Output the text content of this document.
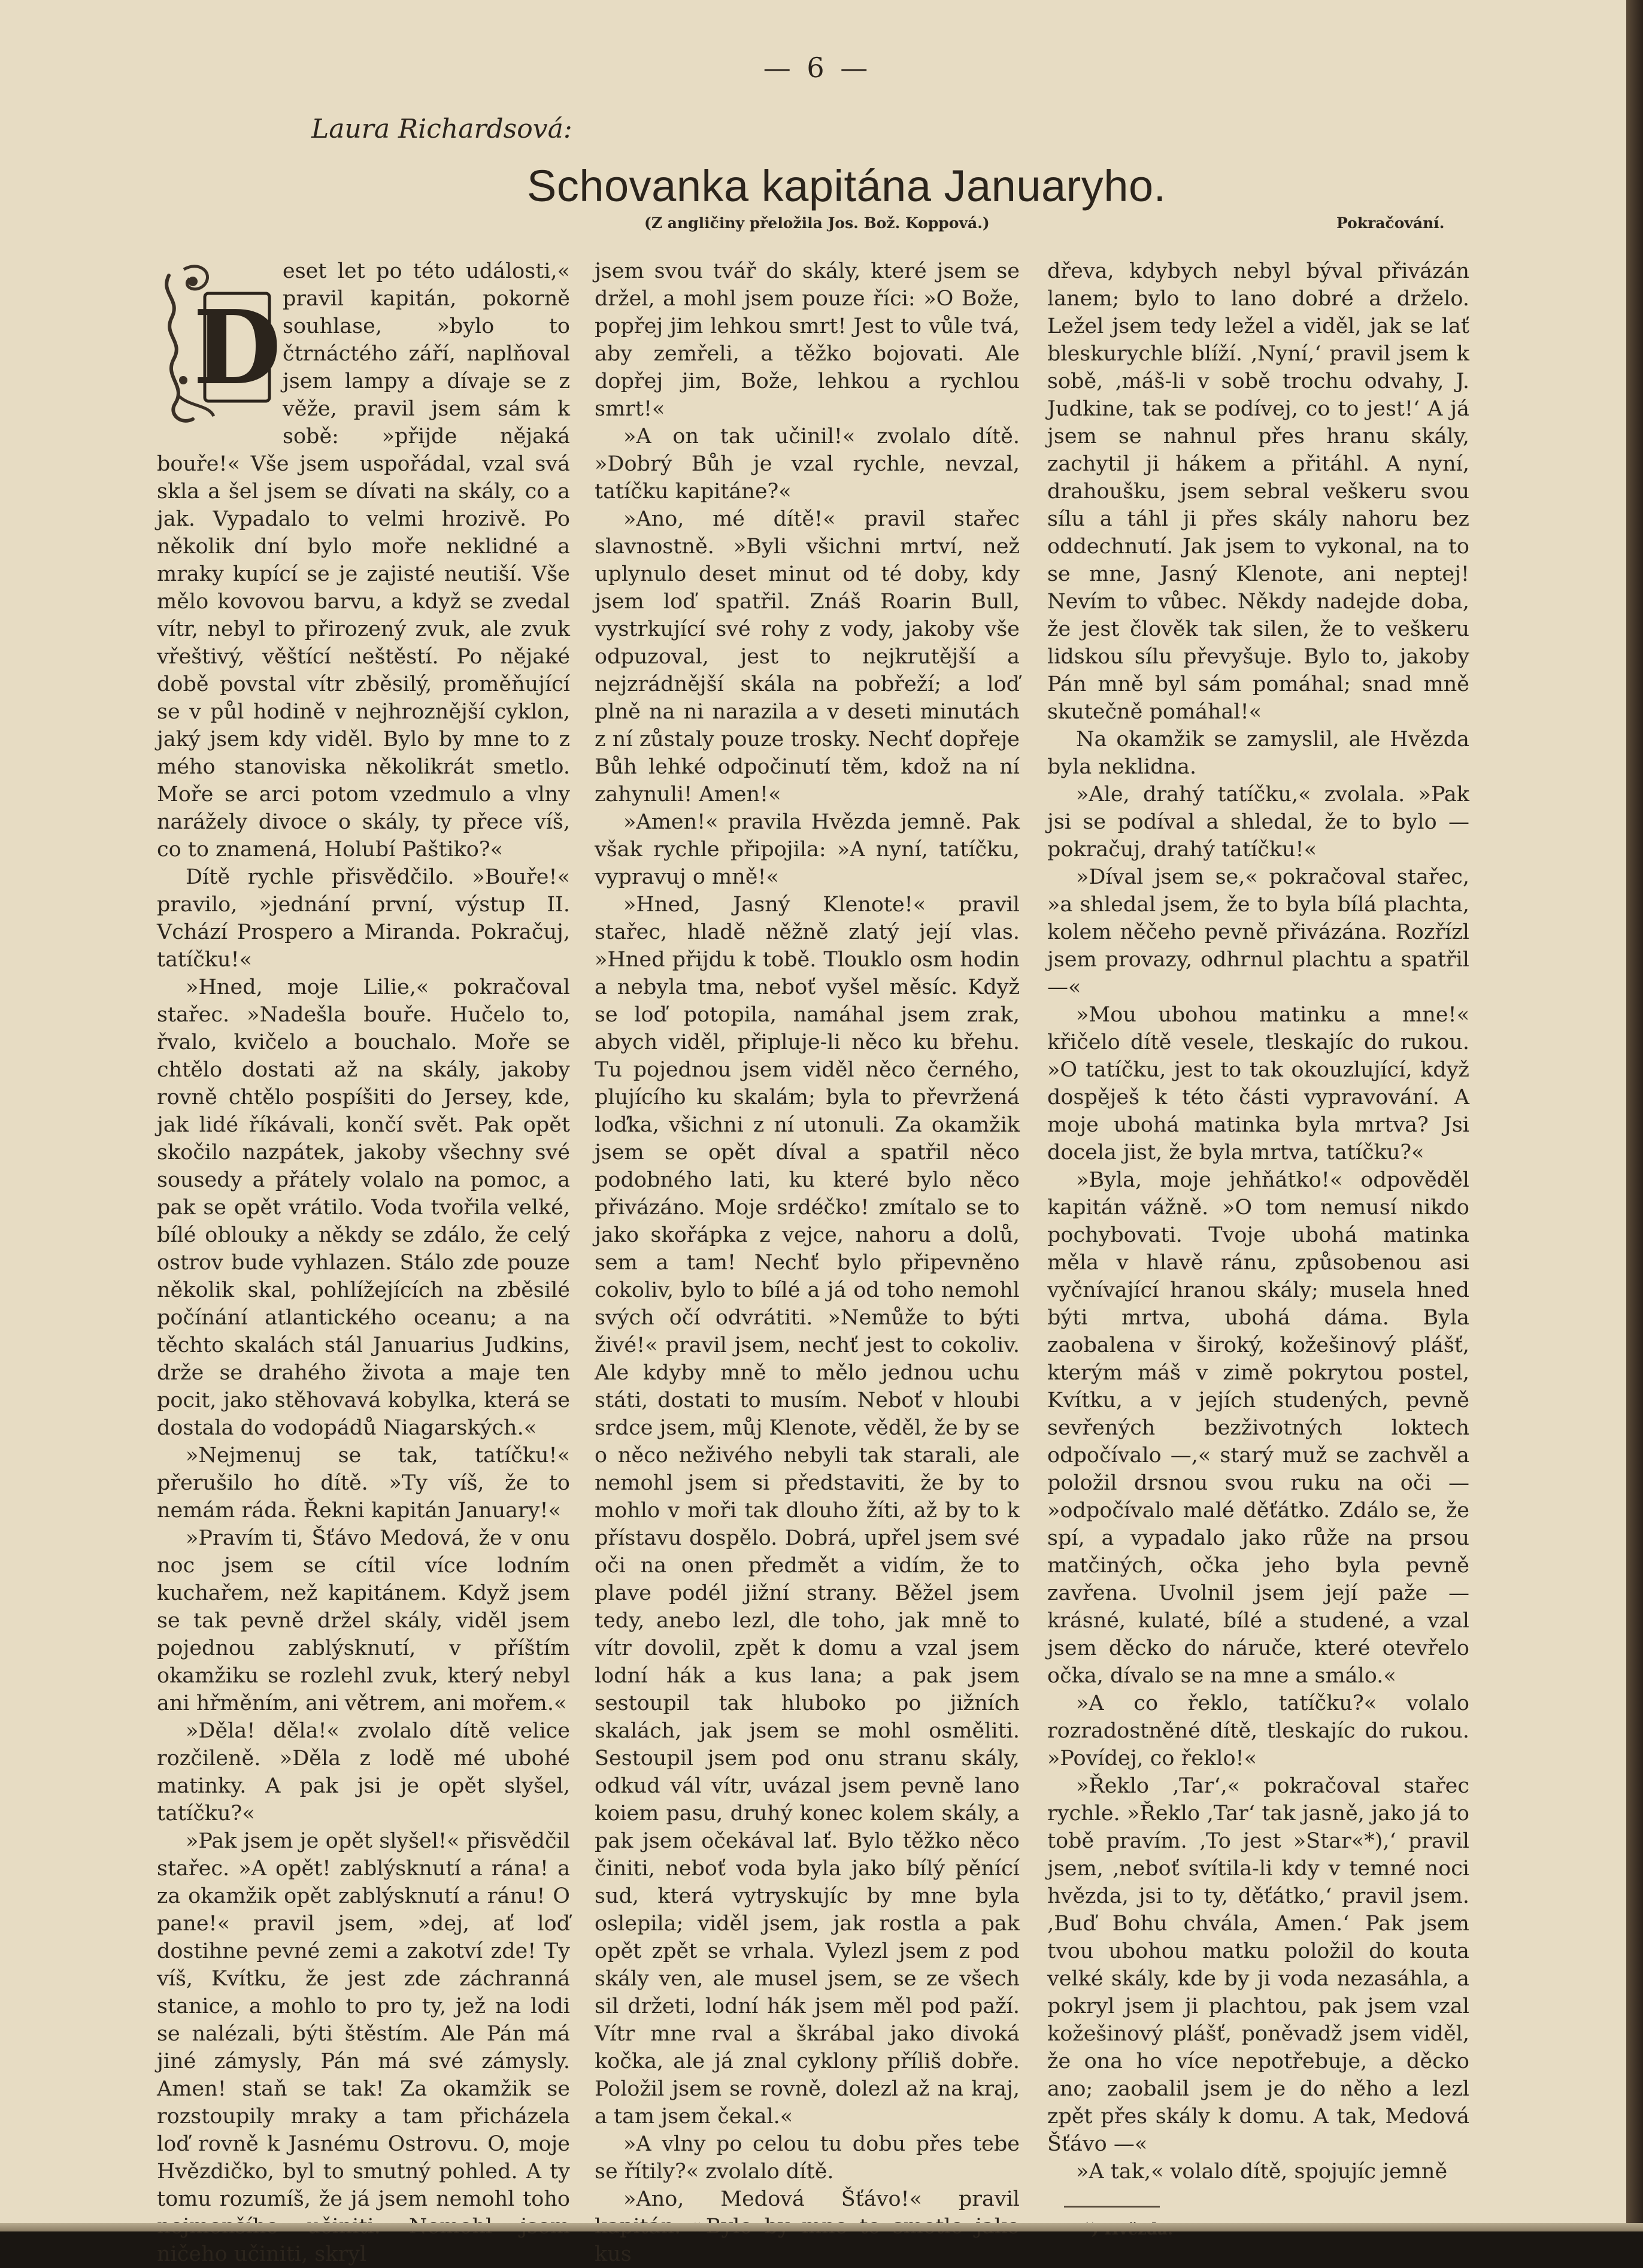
— 6 —
Laura Richardsová:
Schovanka kapitána Januaryho.
(Z angličiny přeložila Jos. Bož. Koppová.)	Pokračování.
D

eset let po této události,« pravil kapitán, pokorně souhlase, »bylo to čtrnáctého září, naplňoval jsem lampy a dívaje se z věže, pravil jsem sám k sobě: »přijde nějaká bouře!« Vše jsem uspořádal, vzal svá skla a šel jsem se dívati na skály, co a jak. Vypadalo to velmi hrozivě. Po několik dní bylo moře neklidné a mraky kupící se je zajisté neutiší. Vše mělo kovovou barvu, a když se zvedal vítr, nebyl to přirozený zvuk, ale zvuk vřeštivý, věštící neštěstí. Po nějaké době povstal vítr zběsilý, proměňující se v půl hodině v nejhroznější cyklon, jaký jsem kdy viděl. Bylo by mne to z mého stanoviska několikrát smetlo. Moře se arci potom vzedmulo a vlny narážely divoce o skály, ty přece víš, co to znamená, Holubí Paštiko?«

Dítě rychle přisvědčilo. »Bouře!« pravilo, »jednání první, výstup II. Vchází Prospero a Miranda. Pokračuj, tatíčku!«

»Hned, moje Lilie,« pokračoval stařec. »Nadešla bouře. Hučelo to, řvalo, kvičelo a bouchalo. Moře se chtělo dostati až na skály, jakoby rovně chtělo pospíšiti do Jersey, kde, jak lidé říkávali, končí svět. Pak opět skočilo nazpátek, jakoby všechny své sousedy a přátely volalo na pomoc, a pak se opět vrátilo. Voda tvořila velké, bílé oblouky a někdy se zdálo, že celý ostrov bude vyhlazen. Stálo zde pouze několik skal, pohlížejících na zběsilé počínání atlantického oceanu; a na těchto skalách stál Januarius Judkins, drže se drahého života a maje ten pocit, jako stěhovavá kobylka, která se dostala do vodopádů Niagarských.«

»Nejmenuj se tak, tatíčku!« přerušilo ho dítě. »Ty víš, že to nemám ráda. Řekni kapitán January!«

»Pravím ti, Šťávo Medová, že v onu noc jsem se cítil více lodním kuchařem, než kapitánem. Když jsem se tak pevně držel skály, viděl jsem pojednou zablýsknutí, v příštím okamžiku se rozlehl zvuk, který nebyl ani hřměním, ani větrem, ani mořem.«

»Děla! děla!« zvolalo dítě velice rozčileně. »Děla z lodě mé ubohé matinky. A pak jsi je opět slyšel, tatíčku?«

»Pak jsem je opět slyšel!« přisvědčil stařec. »A opět! zablýsknutí a rána! a za okamžik opět zablýsknutí a ránu! O pane!« pravil jsem, »dej, ať loď dostihne pevné zemi a zakotví zde! Ty víš, Kvítku, že jest zde záchranná stanice, a mohlo to pro ty, jež na lodi se nalézali, býti štěstím. Ale Pán má jiné zámysly, Pán má své zámysly. Amen! staň se tak! Za okamžik se rozstoupily mraky a tam přicházela loď rovně k Jasnému Ostrovu. O, moje Hvězdičko, byl to smutný pohled. A ty tomu rozumíš, že já jsem nemohl toho ničeho učiniti, skryl

jsem svou tvář do skály, které jsem se držel, a mohl jsem pouze říci: »O Bože, popřej jim lehkou smrt! Jest to vůle tvá, aby zemřeli, a těžko bojovati. Ale dopřej jim, Bože, lehkou a rychlou smrt!«

»A on tak učinil!« zvolalo dítě. »Dobrý Bůh je vzal rychle, nevzal, tatíčku kapitáne?«

»Ano, mé dítě!« pravil stařec slavnostně. »Byli všichni mrtví, než uplynulo deset minut od té doby, kdy jsem loď spatřil. Znáš Roarin Bull, vystrkující své rohy z vody, jakoby vše odpuzoval, jest to nejkrutější a nejzrádnější skála na pobřeží; a loď plně na ni narazila a v deseti minutách z ní zůstaly pouze trosky. Nechť dopřeje Bůh lehké odpočinutí těm, kdož na ní zahynuli! Amen!«

»Amen!« pravila Hvězda jemně. Pak však rychle připojila: »A nyní, tatíčku, vypravuj o mně!«

»Hned, Jasný Klenote!« pravil stařec, hladě něžně zlatý její vlas. »Hned přijdu k tobě. Tlouklo osm hodin a nebyla tma, neboť vyšel měsíc. Když se loď potopila, namáhal jsem zrak, abych viděl, připluje-li něco ku břehu. Tu pojednou jsem viděl něco černého, plujícího ku skalám; byla to převržená loďka, všichni z ní utonuli. Za okamžik jsem se opět díval a spatřil něco podobného lati, ku které bylo něco přivázáno. Moje srdéčko! zmítalo se to jako skořápka z vejce, nahoru a dolů, sem a tam! Nechť bylo připevněno cokoliv, bylo to bílé a já od toho nemohl svých očí odvrátiti. »Nemůže to býti živé!« pravil jsem, nechť jest to cokoliv. Ale kdyby mně to mělo jednou uchu státi, dostati to musím. Neboť v hloubi srdce jsem, můj Klenote, věděl, že by se o něco neživého nebyli tak starali, ale nemohl jsem si představiti, že by to mohlo v moři tak dlouho žíti, až by to k přístavu dospělo. Dobrá, upřel jsem své oči na onen předmět a vidím, že to plave podél jižní strany. Běžel jsem tedy, anebo lezl, dle toho, jak mně to vítr dovolil, zpět k domu a vzal jsem lodní hák a kus lana; a pak jsem sestoupil tak hluboko po jižních skalách, jak jsem se mohl osměliti. Sestoupil jsem pod onu stranu skály, odkud vál vítr, uvázal jsem pevně lano koiem pasu, druhý konec kolem skály, a pak jsem očekával lať. Bylo těžko něco činiti, neboť voda byla jako bílý pěnící sud, která vytryskujíc by mne byla oslepila; viděl jsem, jak rostla a pak opět zpět se vrhala. Vylezl jsem z pod skály ven, ale musel jsem, se ze všech sil držeti, lodní hák jsem měl pod paží. Vítr mne rval a škrábal jako divoká kočka, ale já znal cyklony příliš dobře. Položil jsem se rovně, dolezl až na kraj, a tam jsem čekal.«

»A vlny po celou tu dobu přes tebe se řítily?« zvolalo dítě.

»Ano, Medová Šťávo!« pravil kus

dřeva, kdybych nebyl býval přivázán lanem; bylo to lano dobré a drželo. Ležel jsem tedy ležel a viděl, jak se lať bleskurychle blíží. ‚Nyní,‘ pravil jsem k sobě, ‚máš-li v sobě trochu odvahy, J. Judkine, tak se podívej, co to jest!‘ A já jsem se nahnul přes hranu skály, zachytil ji hákem a přitáhl. A nyní, drahoušku, jsem sebral veškeru svou sílu a táhl ji přes skály nahoru bez oddechnutí. Jak jsem to vykonal, na to se mne, Jasný Klenote, ani neptej! Nevím to vůbec. Někdy nadejde doba, že jest člověk tak silen, že to veškeru lidskou sílu převyšuje. Bylo to, jakoby Pán mně byl sám pomáhal; snad mně skutečně pomáhal!«

Na okamžik se zamyslil, ale Hvězda byla neklidna.

»Ale, drahý tatíčku,« zvolala. »Pak jsi se podíval a shledal, že to bylo — pokračuj, drahý tatíčku!«

»Díval jsem se,« pokračoval stařec, »a shledal jsem, že to byla bílá plachta, kolem něčeho pevně přivázána. Rozřízl jsem provazy, odhrnul plachtu a spatřil —«

»Mou ubohou matinku a mne!« křičelo dítě vesele, tleskajíc do rukou. »O tatíčku, jest to tak okouzlující, když dospěješ k této části vypravování. A moje ubohá matinka byla mrtva? Jsi docela jist, že byla mrtva, tatíčku?«

»Byla, moje jehňátko!« odpověděl kapitán vážně. »O tom nemusí nikdo pochybovati. Tvoje ubohá matinka měla v hlavě ránu, způsobenou asi vyčnívající hranou skály; musela hned býti mrtva, ubohá dáma. Byla zaobalena v široký, kožešinový plášť, kterým máš v zimě pokrytou postel, Kvítku, a v jejích studených, pevně sevřených bezživotných loktech odpočívalo —,« starý muž se zachvěl a položil drsnou svou ruku na oči — »odpočívalo malé děťátko. Zdálo se, že spí, a vypadalo jako růže na prsou matčiných, očka jeho byla pevně zavřena. Uvolnil jsem její paže — krásné, kulaté, bílé a studené, a vzal jsem děcko do náruče, které otevřelo očka, dívalo se na mne a smálo.«

»A co řeklo, tatíčku?« volalo rozradostněné dítě, tleskajíc do rukou. »Povídej, co řeklo!«

»Řeklo ‚Tar‘,« pokračoval stařec rychle. »Řeklo ‚Tar‘ tak jasně, jako já to tobě pravím. ‚To jest »Star«*),‘ pravil jsem, ‚neboť svítila-li kdy v temné noci hvězda, jsi to ty, děťátko,‘ pravil jsem. ‚Buď Bohu chvála, Amen.‘ Pak jsem tvou ubohou matku položil do kouta velké skály, kde by ji voda nezasáhla, a pokryl jsem ji plachtou, pak jsem vzal kožešinový plášť, poněvadž jsem viděl, že ona ho více nepotřebuje, a děcko ano; zaobalil jsem je do něho a lezl zpět přes skály k domu. A tak, Medová Šťávo —«

»A tak,« volalo dítě, spojujíc jemně
